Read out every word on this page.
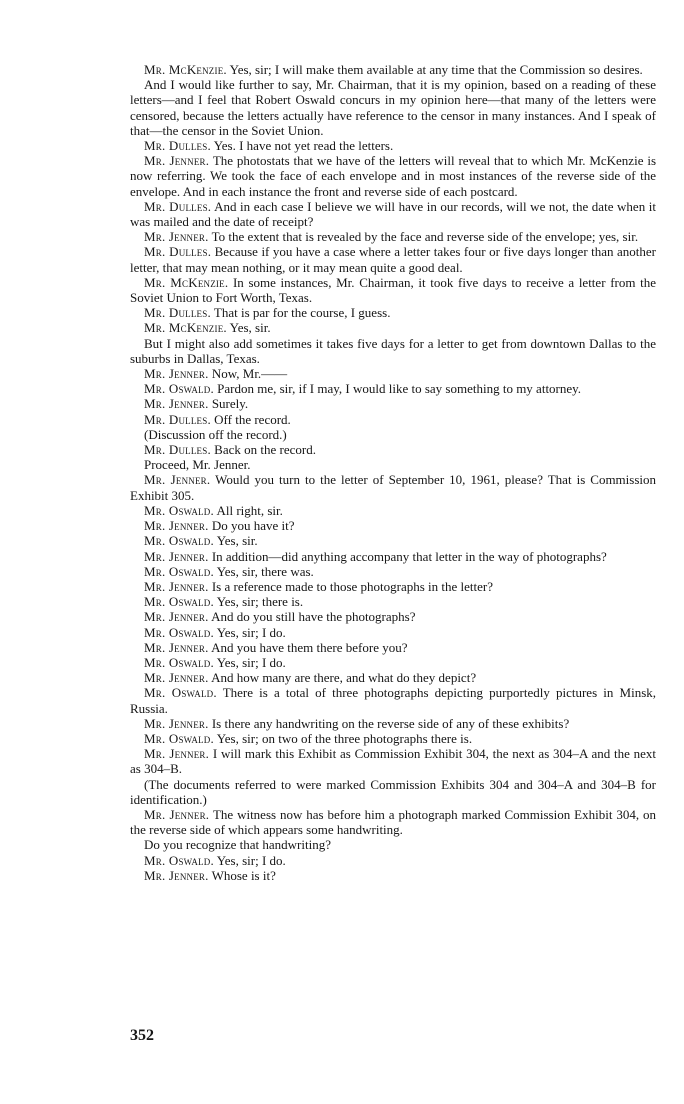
Mr. McKenzie. Yes, sir; I will make them available at any time that the Commission so desires.

And I would like further to say, Mr. Chairman, that it is my opinion, based on a reading of these letters—and I feel that Robert Oswald concurs in my opinion here—that many of the letters were censored, because the letters actually have reference to the censor in many instances. And I speak of that—the censor in the Soviet Union.

Mr. Dulles. Yes. I have not yet read the letters.

Mr. Jenner. The photostats that we have of the letters will reveal that to which Mr. McKenzie is now referring. We took the face of each envelope and in most instances of the reverse side of the envelope. And in each instance the front and reverse side of each postcard.

Mr. Dulles. And in each case I believe we will have in our records, will we not, the date when it was mailed and the date of receipt?

Mr. Jenner. To the extent that is revealed by the face and reverse side of the envelope; yes, sir.

Mr. Dulles. Because if you have a case where a letter takes four or five days longer than another letter, that may mean nothing, or it may mean quite a good deal.

Mr. McKenzie. In some instances, Mr. Chairman, it took five days to receive a letter from the Soviet Union to Fort Worth, Texas.

Mr. Dulles. That is par for the course, I guess.

Mr. McKenzie. Yes, sir.

But I might also add sometimes it takes five days for a letter to get from downtown Dallas to the suburbs in Dallas, Texas.

Mr. Jenner. Now, Mr.——

Mr. Oswald. Pardon me, sir, if I may, I would like to say something to my attorney.

Mr. Jenner. Surely.

Mr. Dulles. Off the record.

(Discussion off the record.)

Mr. Dulles. Back on the record.

Proceed, Mr. Jenner.

Mr. Jenner. Would you turn to the letter of September 10, 1961, please? That is Commission Exhibit 305.

Mr. Oswald. All right, sir.

Mr. Jenner. Do you have it?

Mr. Oswald. Yes, sir.

Mr. Jenner. In addition—did anything accompany that letter in the way of photographs?

Mr. Oswald. Yes, sir, there was.

Mr. Jenner. Is a reference made to those photographs in the letter?

Mr. Oswald. Yes, sir; there is.

Mr. Jenner. And do you still have the photographs?

Mr. Oswald. Yes, sir; I do.

Mr. Jenner. And you have them there before you?

Mr. Oswald. Yes, sir; I do.

Mr. Jenner. And how many are there, and what do they depict?

Mr. Oswald. There is a total of three photographs depicting purportedly pictures in Minsk, Russia.

Mr. Jenner. Is there any handwriting on the reverse side of any of these exhibits?

Mr. Oswald. Yes, sir; on two of the three photographs there is.

Mr. Jenner. I will mark this Exhibit as Commission Exhibit 304, the next as 304–A and the next as 304–B.

(The documents referred to were marked Commission Exhibits 304 and 304–A and 304–B for identification.)

Mr. Jenner. The witness now has before him a photograph marked Commission Exhibit 304, on the reverse side of which appears some handwriting.

Do you recognize that handwriting?

Mr. Oswald. Yes, sir; I do.

Mr. Jenner. Whose is it?

352
